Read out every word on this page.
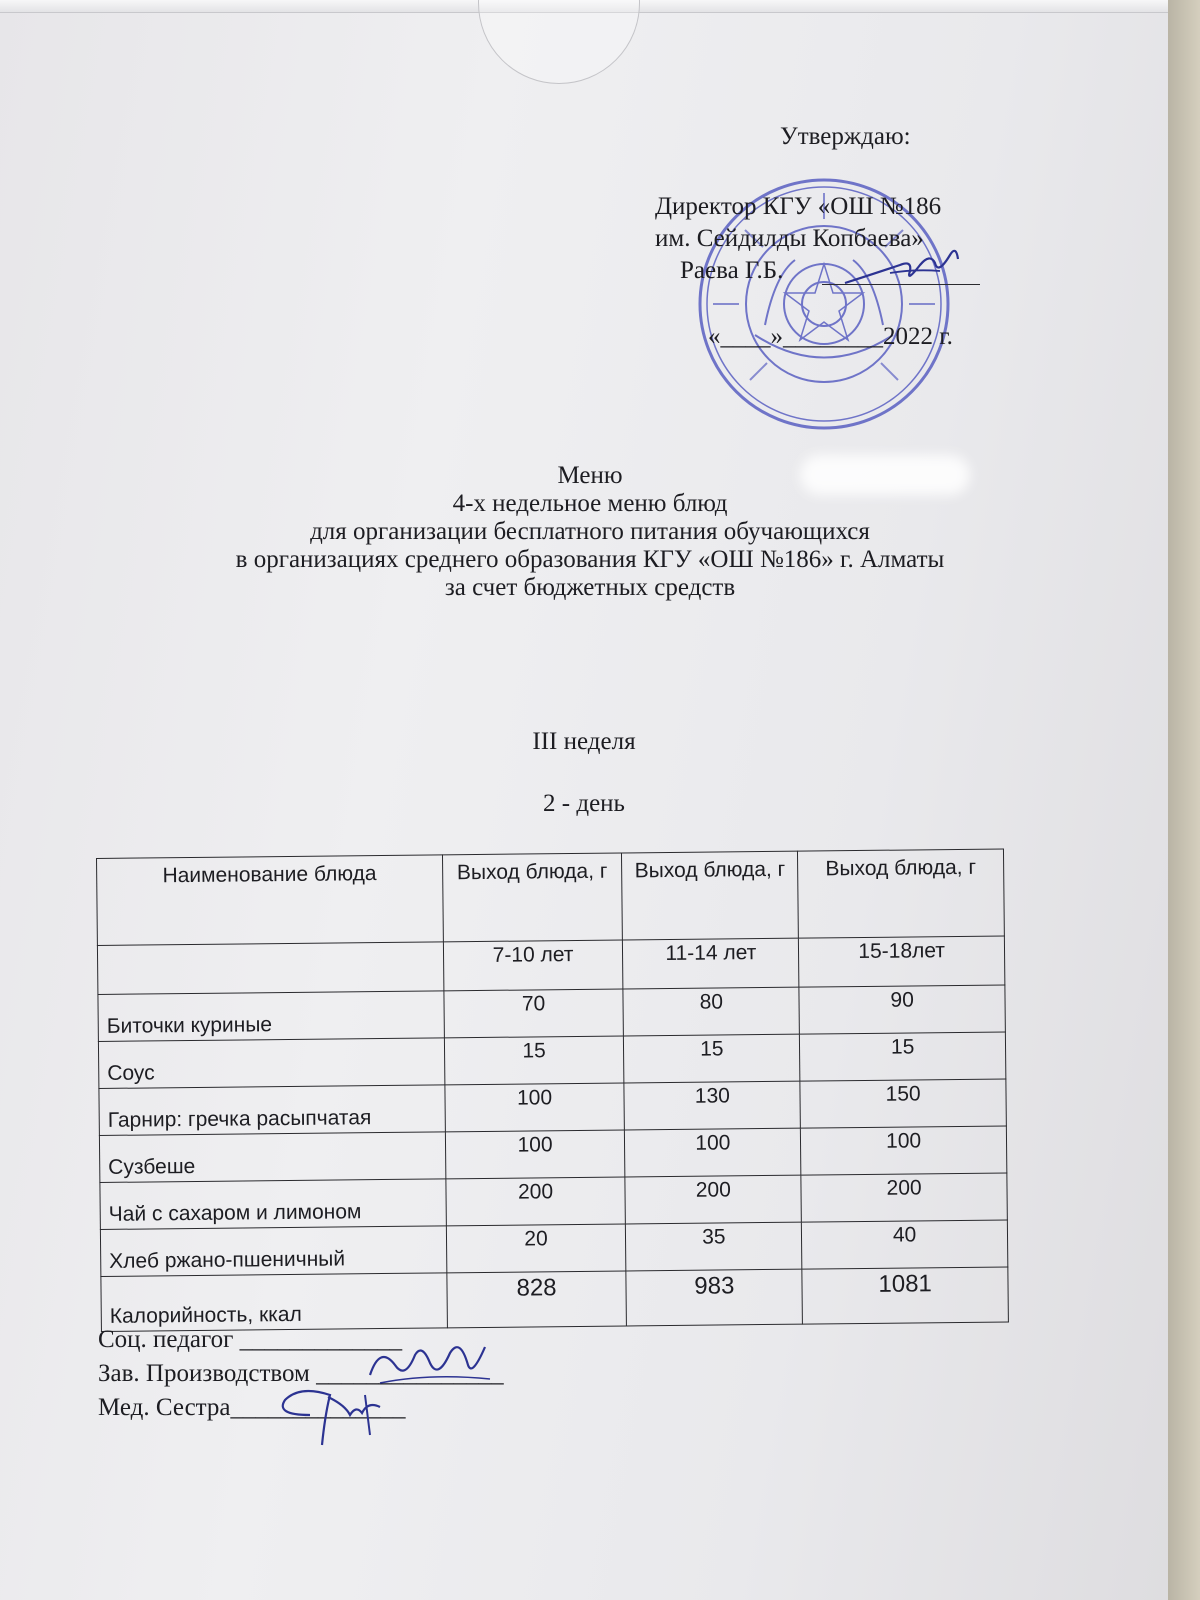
Утверждаю:
Директор КГУ «ОШ №186
им. Сейдилды Копбаева»
Раева Г.Б.
«____»________2022 г.
Меню
4-х недельное меню блюд
для организации бесплатного питания обучающихся
в организациях среднего образования КГУ «ОШ №186» г. Алматы
за счет бюджетных средств
III неделя
2 - день
Наименование блюда	Выход блюда, г	Выход блюда, г	Выход блюда, г
	7-10 лет	11-14 лет	15-18лет
Биточки куриные	70	80	90
Соус	15	15	15
Гарнир: гречка расыпчатая	100	130	150
Сузбеше	100	100	100
Чай с сахаром и лимоном	200	200	200
Хлеб ржано-пшеничный	20	35	40
Калорийность, ккал	828	983	1081
Соц. педагог _____________
Зав. Производством _______________
Мед. Сестра______________
